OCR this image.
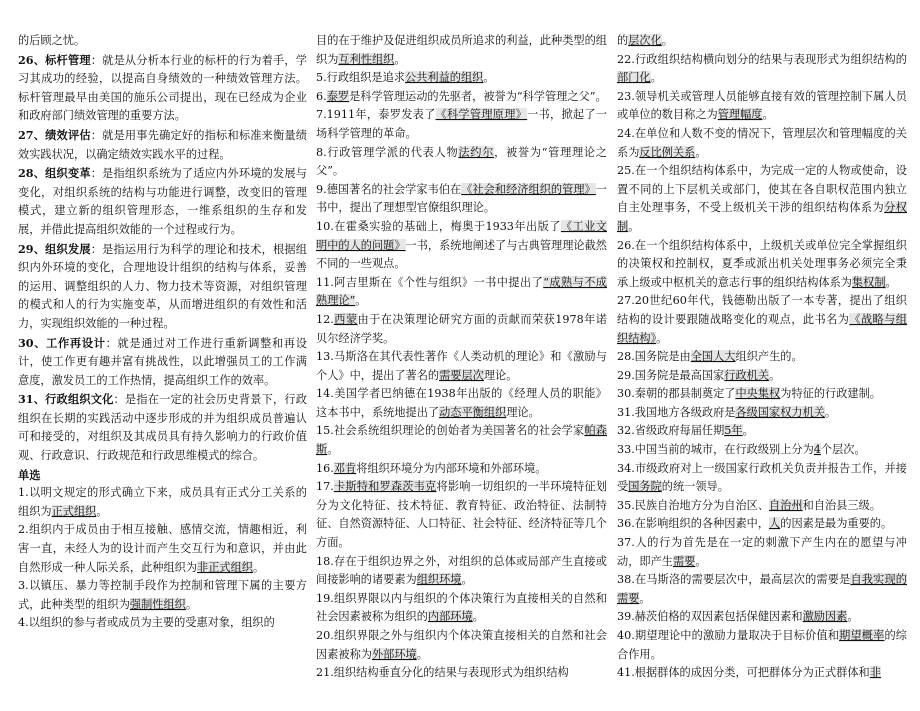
的后顾之忧。

26、标杆管理：就是从分析本行业的标杆的行为着手，学习其成功的经验，以提高自身绩效的一种绩效管理方法。标杆管理最早由美国的施乐公司提出，现在已经成为企业和政府部门绩效管理的重要方法。

27、绩效评估：就是用事先确定好的指标和标准来衡量绩效实践状况，以确定绩效实践水平的过程。

28、组织变革：是指组织系统为了适应内外环境的发展与变化，对组织系统的结构与功能进行调整，改变旧的管理模式，建立新的组织管理形态，一维系组织的生存和发展，并借此提高组织效能的一个过程或行为。

29、组织发展：是指运用行为科学的理论和技术，根据组织内外环境的变化，合理地设计组织的结构与体系，妥善的运用、调整组织的人力、物力技术等资源，对组织管理的模式和人的行为实施变革，从而增进组织的有效性和活力，实现组织效能的一种过程。

30、工作再设计：就是通过对工作进行重新调整和再设计，使工作更有趣并富有挑战性，以此增强员工的工作满意度，激发员工的工作热情，提高组织工作的效率。

31、行政组织文化：是指在一定的社会历史背景下，行政组织在长期的实践活动中逐步形成的并为组织成员普遍认可和接受的，对组织及其成员具有持久影响力的行政价值观、行政意识、行政规范和行政思维模式的综合。

单选

1.以明文规定的形式确立下来，成员具有正式分工关系的组织为正式组织。

2.组织内于成员由于相互接触、感情交流，情趣相近，利害一直，未经人为的设计而产生交互行为和意识，并由此自然形成一种人际关系，此种组织为非正式组织。

3.以镇压、暴力等控制手段作为控制和管理下属的主要方式，此种类型的组织为强制性组织。

4.以组织的参与者或成员为主要的受惠对象，组织的

目的在于维护及促进组织成员所追求的利益，此种类型的组织为互利性组织。

5.行政组织是追求公共利益的组织。

6.泰罗是科学管理运动的先驱者，被誉为“科学管理之父”。

7.1911年，泰罗发表了《科学管理原理》一书，掀起了一场科学管理的革命。

8.行政管理学派的代表人物法约尔，被誉为“管理理论之父”。

9.德国著名的社会学家韦伯在《社会和经济组织的管理》一书中，提出了理想型官僚组织理论。

10.在霍桑实验的基础上，梅奥于1933年出版了《工业文明中的人的问题》一书，系统地阐述了与古典管理理论截然不同的一些观点。

11.阿吉里斯在《个性与组织》一书中提出了“成熟与不成熟理论”。

12.西蒙由于在决策理论研究方面的贡献而荣获1978年诺贝尔经济学奖。

13.马斯洛在其代表性著作《人类动机的理论》和《激励与个人》中，提出了著名的需要层次理论。

14.美国学者巴纳德在1938年出版的《经理人员的职能》这本书中，系统地提出了动态平衡组织理论。

15.社会系统组织理论的创始者为美国著名的社会学家帕森斯。

16.邓肯将组织环境分为内部环境和外部环境。

17.卡斯特和罗森茨韦克将影响一切组织的一半环境特征划分为文化特征、技术特征、教育特征、政治特征、法制特征、自然资源特征、人口特征、社会特征、经济特征等几个方面。

18.存在于组织边界之外，对组织的总体或局部产生直接或间接影响的诸要素为组织环境。

19.组织界限以内与组织的个体决策行为直接相关的自然和社会因素被称为组织的内部环境。

20.组织界限之外与组织内个体决策直接相关的自然和社会因素被称为外部环境。

21.组织结构垂直分化的结果与表现形式为组织结构

的层次化。

22.行政组织结构横向划分的结果与表现形式为组织结构的部门化。

23.领导机关或管理人员能够直接有效的管理控制下属人员或单位的数目称之为管理幅度。

24.在单位和人数不变的情况下，管理层次和管理幅度的关系为反比例关系。

25.在一个组织结构体系中，为完成一定的人物或使命，设置不同的上下层机关或部门，使其在各自职权范围内独立自主处理事务，不受上级机关干涉的组织结构体系为分权制。

26.在一个组织结构体系中，上级机关或单位完全掌握组织的决策权和控制权，夏季或派出机关处理事务必须完全秉承上级或中枢机关的意志行事的组织结构体系为集权制。

27.20世纪60年代，钱德勒出版了一本专著，提出了组织结构的设计要跟随战略变化的观点，此书名为《战略与组织结构》。

28.国务院是由全国人大组织产生的。

29.国务院是最高国家行政机关。

30.秦朝的郡县制奠定了中央集权为特征的行政建制。

31.我国地方各级政府是各级国家权力机关。

32.省级政府每届任期5年。

33.中国当前的城市，在行政级别上分为4个层次。

34.市级政府对上一级国家行政机关负责并报告工作，并接受国务院的统一领导。

35.民族自治地方分为自治区、自治州和自治县三级。

36.在影响组织的各种因素中，人的因素是最为重要的。

37.人的行为首先是在一定的刺激下产生内在的愿望与冲动，即产生需要。

38.在马斯洛的需要层次中，最高层次的需要是自我实现的需要。

39.赫茨伯格的双因素包括保健因素和激励因素。

40.期望理论中的激励力量取决于目标价值和期望概率的综合作用。

41.根据群体的成因分类，可把群体分为正式群体和非
